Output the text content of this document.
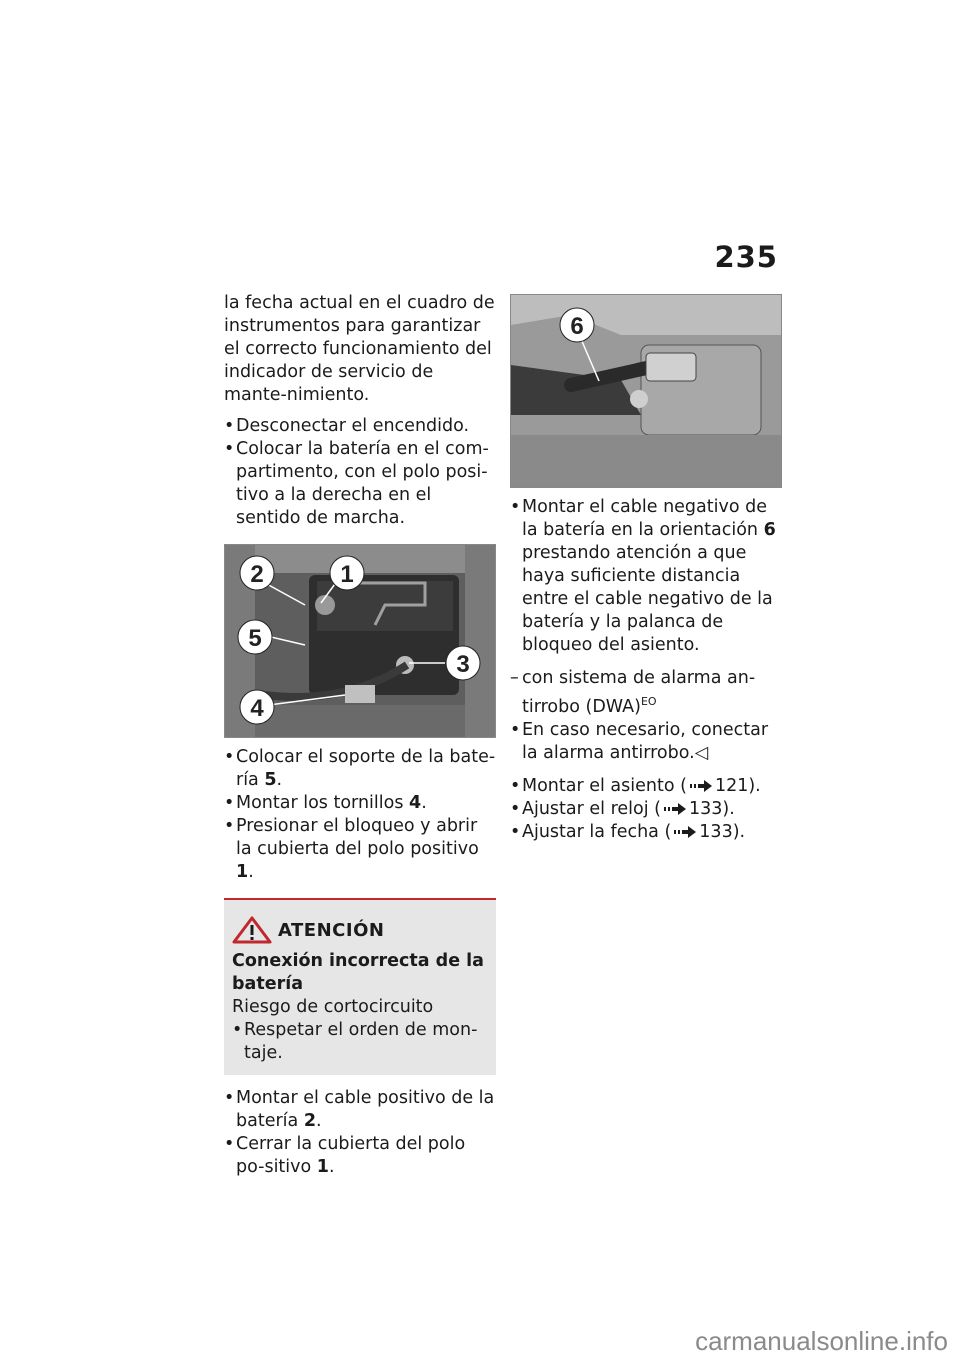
235

la fecha actual en el cuadro de instrumentos para garantizar el correcto funcionamiento del indicador de servicio de mante-nimiento.

• Desconectar el encendido.
• Colocar la batería en el com-partimento, con el polo posi-tivo a la derecha en el sentido de marcha.
2	1
5
3
4
• Colocar el soporte de la bate-ría 5.
• Montar los tornillos 4.
• Presionar el bloqueo y abrir la cubierta del polo positivo 1.
ATENCIÓN

Conexión incorrecta de la batería

Riesgo de cortocircuito

• Respetar el orden de mon-taje.
• Montar el cable positivo de la batería 2.
• Cerrar la cubierta del polo po-sitivo 1.
6
• Montar el cable negativo de la batería en la orientación 6 prestando atención a que haya suficiente distancia entre el cable negativo de la batería y la palanca de bloqueo del asiento.
– con sistema de alarma an-tirrobo (DWA)$^{EO}$
• En caso necesario, conectar la alarma antirrobo.◁
• Montar el asiento ( 121).
• Ajustar el reloj ( 133).
• Ajustar la fecha ( 133).
carmanualsonline.info
